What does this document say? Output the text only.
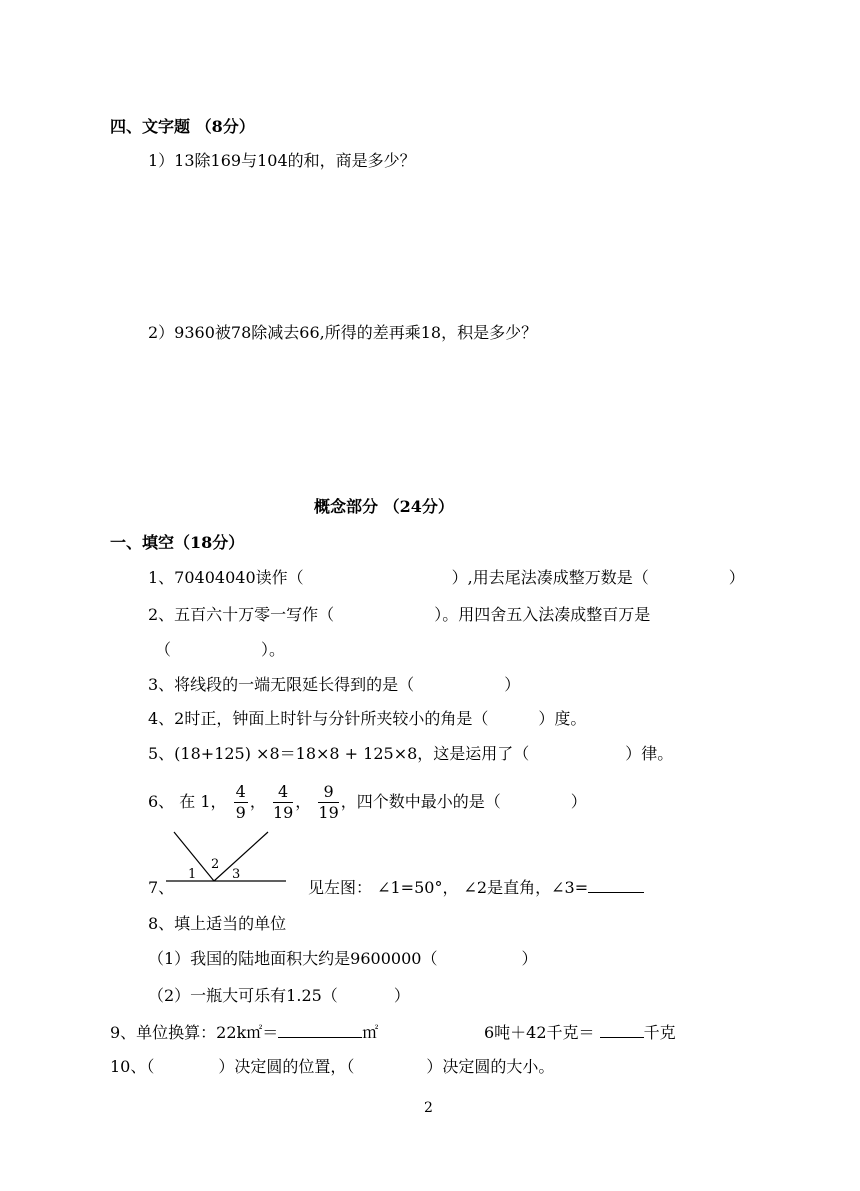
四、文字题 （8分）
1）13除169与104的和，商是多少？
2）9360被78除减去66,所得的差再乘18，积是多少？
概念部分 （24分）
一、填空（18分）
1、70404040读作（	）,用去尾法凑成整万数是（	）
2、五百六十万零一写作（	）。用四舍五入法凑成整百万是
（	）。
3、将线段的一端无限延长得到的是（	）
4、2时正，钟面上时针与分针所夹较小的角是（	）度。
5、(18+125) ×8＝18×8 + 125×8，这是运用了（	）律。
6、 在 1， $\frac{4}{9}$ ， $\frac{4}{19}$ ， $\frac{9}{19}$ ，四个数中最小的是（	）
1
2
3
7、	见左图： ∠1=50°， ∠2是直角，∠3=
8、填上适当的单位
（1）我国的陆地面积大约是9600000（	）
（2）一瓶大可乐有1.25（	）
9、单位换算：22k㎡＝	㎡	6吨＋42千克＝	千克
10、（	）决定圆的位置，（	）决定圆的大小。
2
